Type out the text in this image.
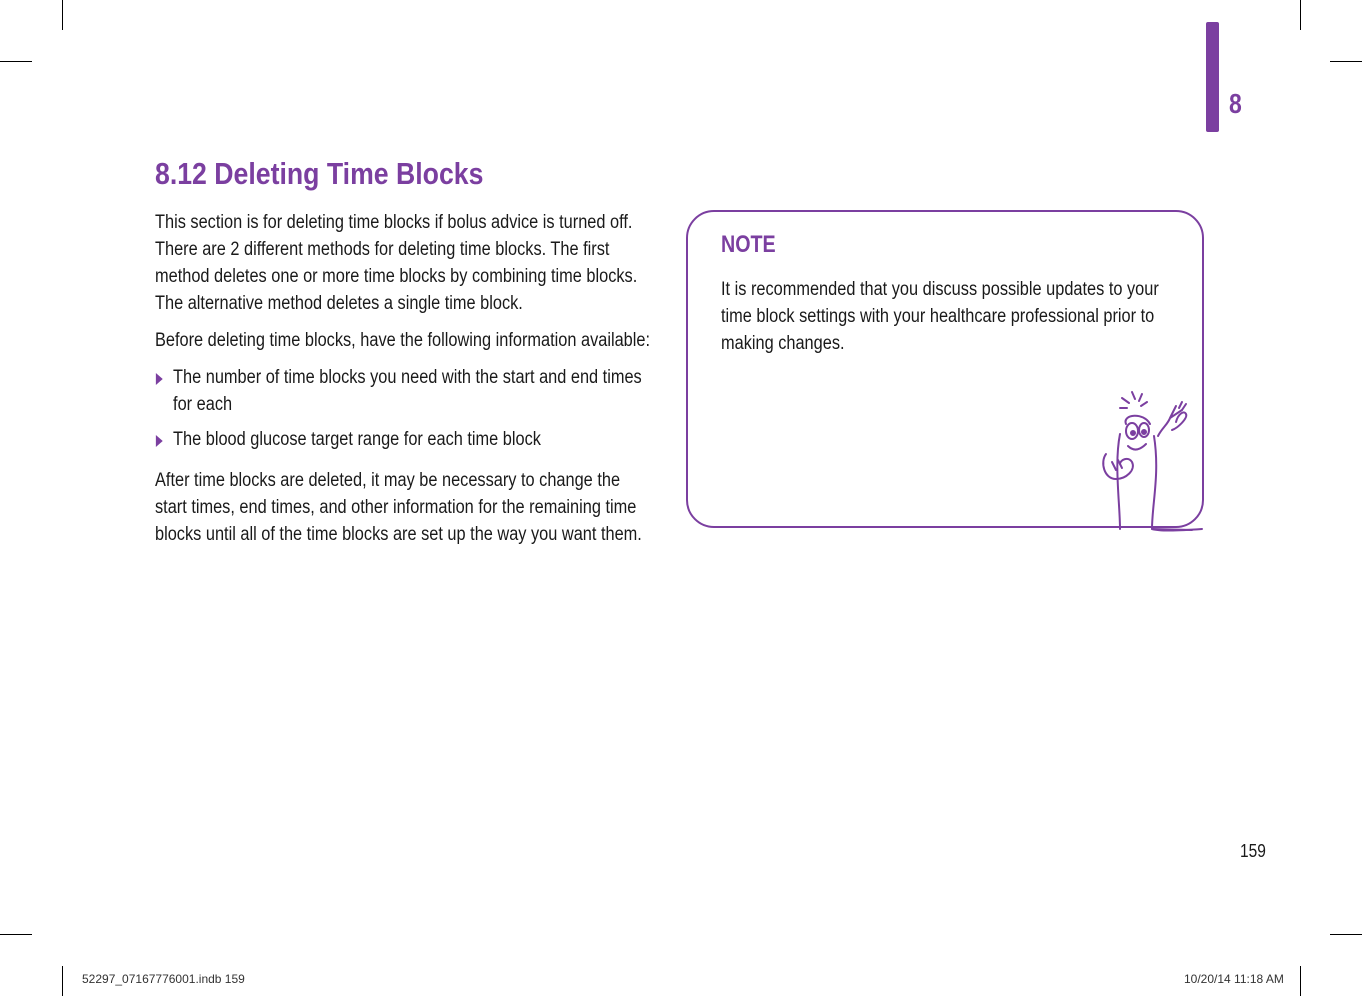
8
8.12 Deleting Time Blocks

This section is for deleting time blocks if bolus advice is turned off. There are 2 different methods for deleting time blocks. The first method deletes one or more time blocks by combining time blocks. The alternative method deletes a single time block.

Before deleting time blocks, have the following information available:

The number of time blocks you need with the start and end times for each
The blood glucose target range for each time block

After time blocks are deleted, it may be necessary to change the start times, end times, and other information for the remaining time blocks until all of the time blocks are set up the way you want them.

NOTE
It is recommended that you discuss possible updates to your time block settings with your healthcare professional prior to making changes.
159
52297_07167776001.indb 159	10/20/14 11:18 AM
